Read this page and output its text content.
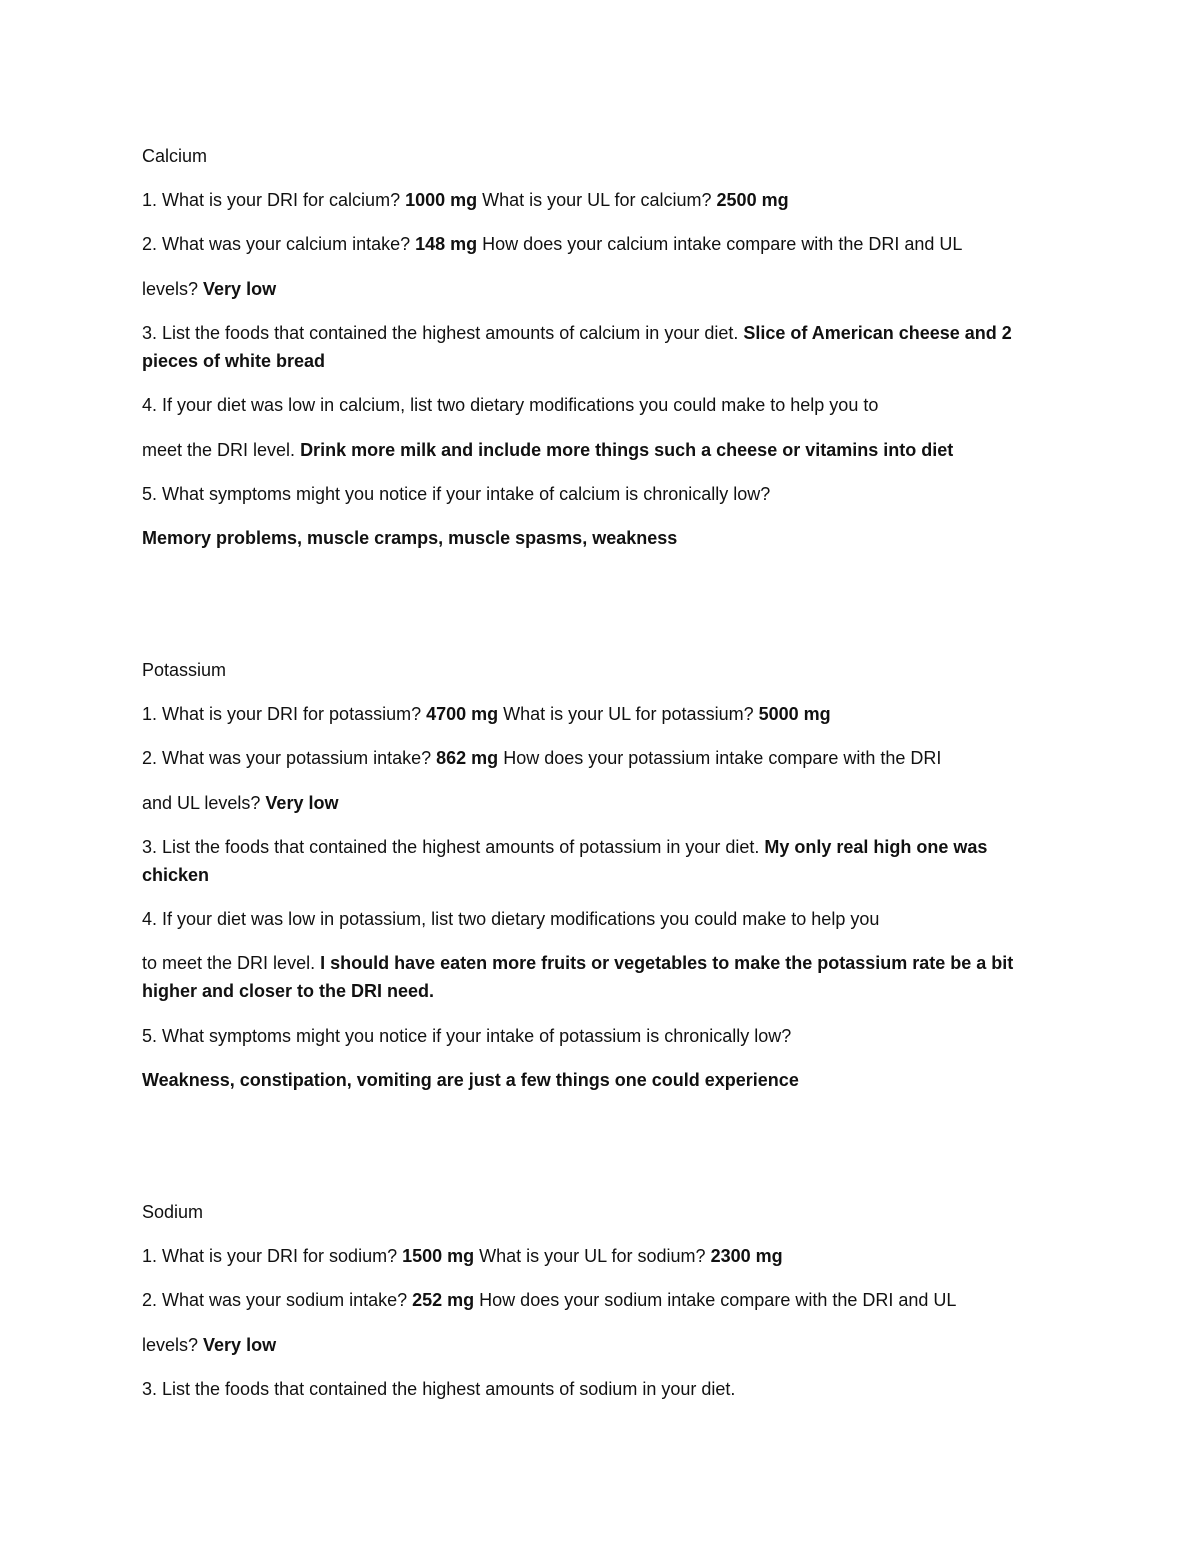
Calcium
1. What is your DRI for calcium? 1000 mg What is your UL for calcium? 2500 mg
2. What was your calcium intake? 148 mg How does your calcium intake compare with the DRI and UL
levels? Very low
3. List the foods that contained the highest amounts of calcium in your diet. Slice of American cheese and 2 pieces of white bread
4. If your diet was low in calcium, list two dietary modifications you could make to help you to
meet the DRI level. Drink more milk and include more things such a cheese or vitamins into diet
5. What symptoms might you notice if your intake of calcium is chronically low?
Memory problems, muscle cramps, muscle spasms, weakness
Potassium
1. What is your DRI for potassium? 4700 mg What is your UL for potassium? 5000 mg
2. What was your potassium intake? 862 mg How does your potassium intake compare with the DRI
and UL levels? Very low
3. List the foods that contained the highest amounts of potassium in your diet. My only real high one was chicken
4. If your diet was low in potassium, list two dietary modifications you could make to help you
to meet the DRI level. I should have eaten more fruits or vegetables to make the potassium rate be a bit higher and closer to the DRI need.
5. What symptoms might you notice if your intake of potassium is chronically low?
Weakness, constipation, vomiting are just a few things one could experience
Sodium
1. What is your DRI for sodium? 1500 mg What is your UL for sodium? 2300 mg
2. What was your sodium intake? 252 mg How does your sodium intake compare with the DRI and UL
levels? Very low
3. List the foods that contained the highest amounts of sodium in your diet.
